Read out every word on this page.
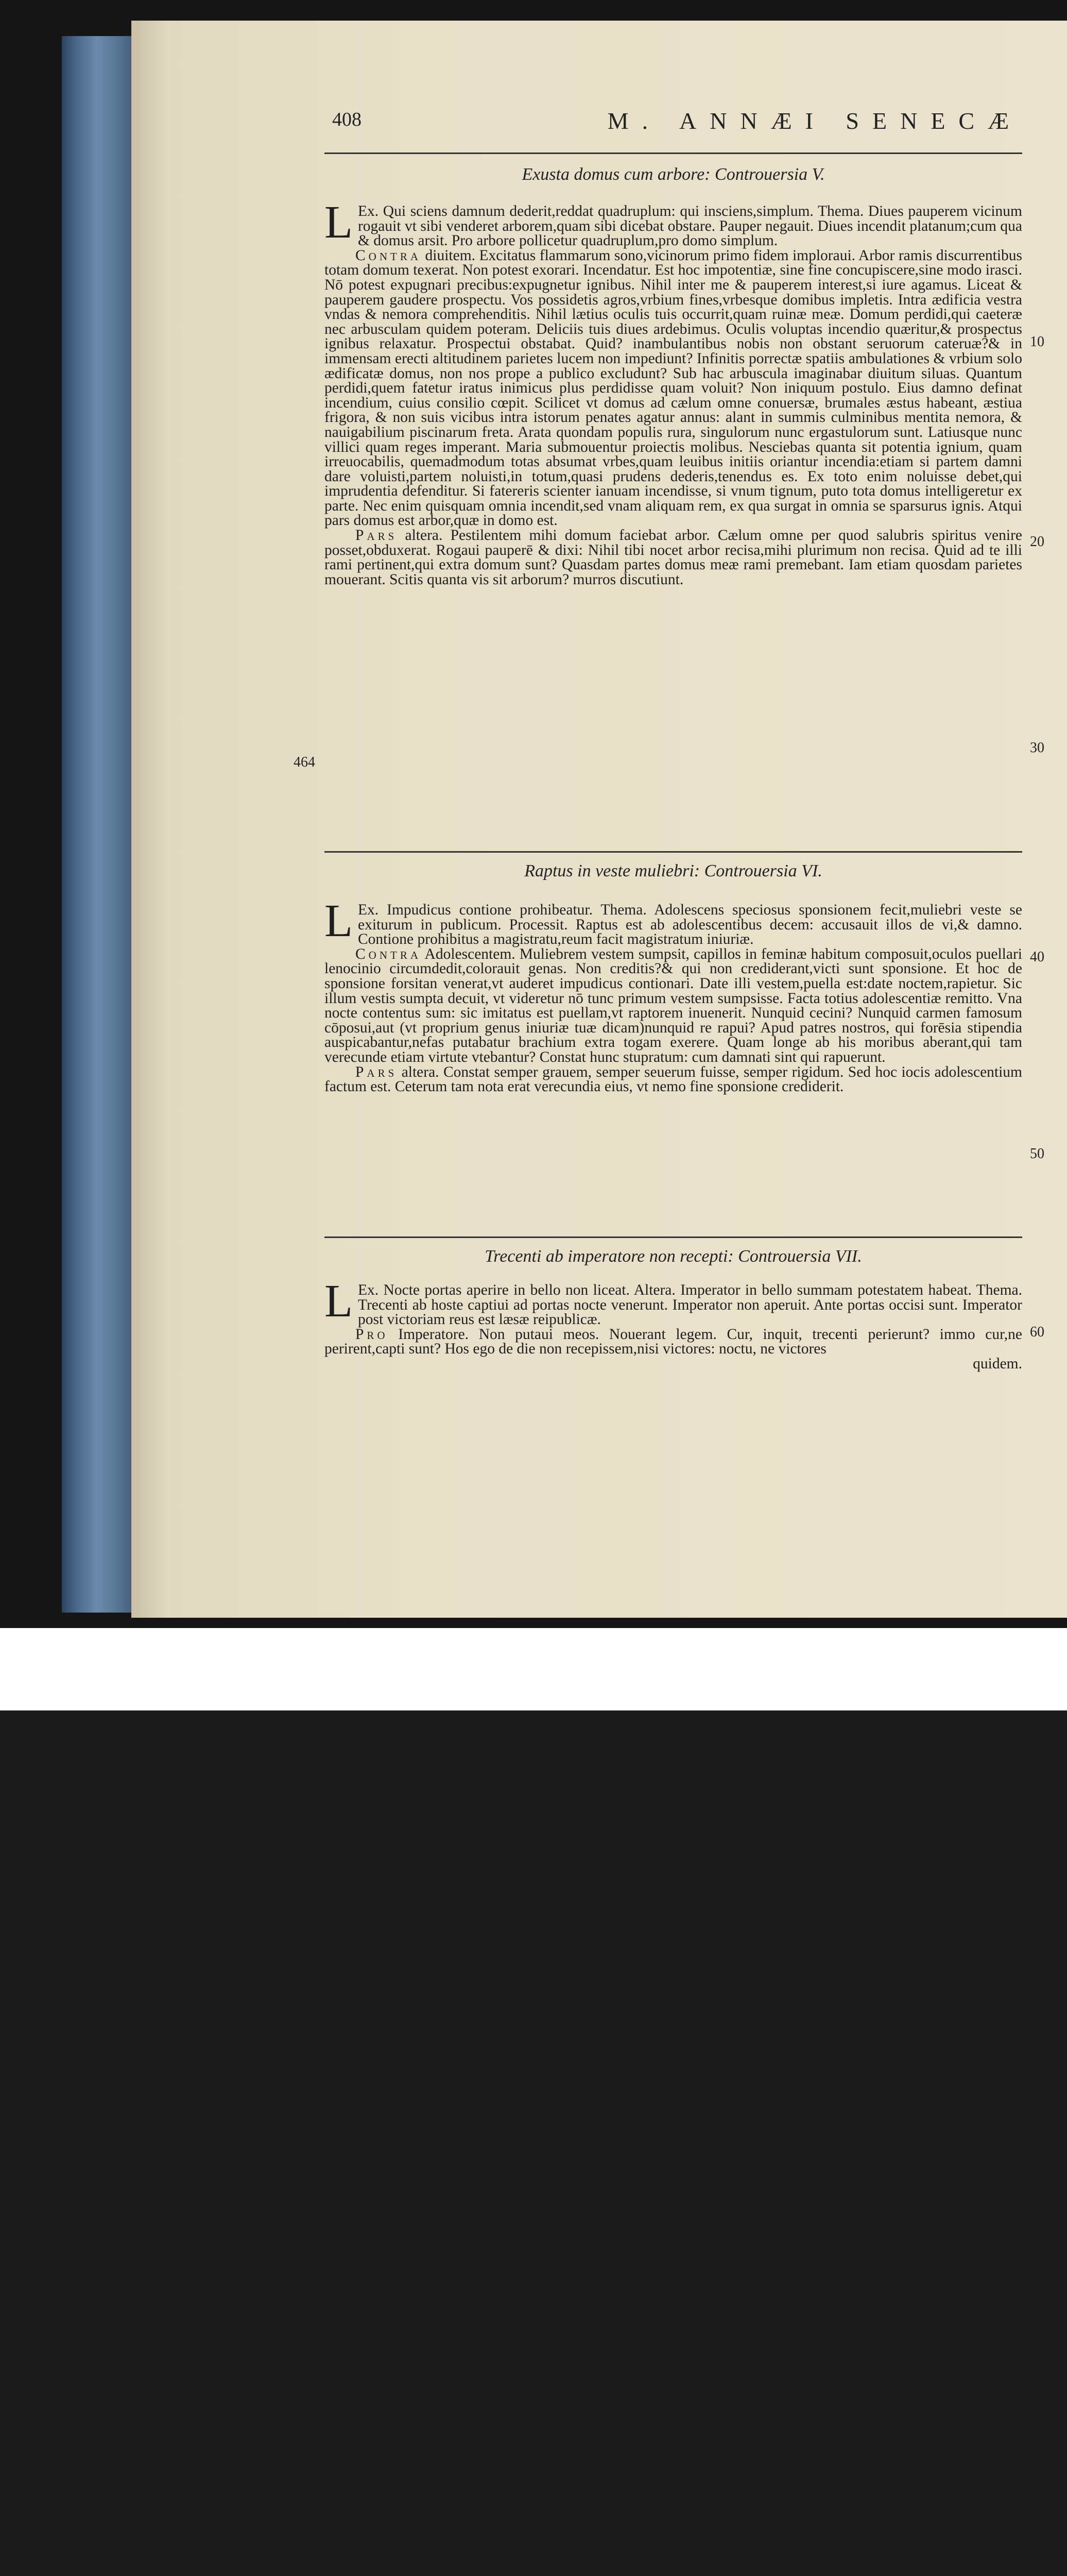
408	M. ANNÆI SENECÆ
Exusta domus cum arbore: Controuersia V.

L Ex. Qui sciens damnum dederit,reddat quadruplum: qui insciens,simplum. Thema. Diues pauperem vicinum rogauit vt sibi venderet arborem,quam sibi dicebat obstare. Pauper negauit. Diues incendit platanum;cum qua & domus arsit. Pro arbore pollicetur quadruplum,pro domo simplum.

Contra diuitem. Excitatus flammarum sono,vicinorum primo fidem imploraui. Arbor ramis discurrentibus totam domum texerat. Non potest exorari. Incendatur. Est hoc impotentiæ, sine fine concupiscere,sine modo irasci. Nō potest expugnari precibus:expugnetur ignibus. Nihil inter me & pauperem interest,si iure agamus. Liceat & pauperem gaudere prospectu. Vos possidetis agros,vrbium fines,vrbesque domibus impletis. Intra ædificia vestra vndas & nemora comprehenditis. Nihil lætius oculis tuis occurrit,quam ruinæ meæ. Domum perdidi,qui caeteræ nec arbusculam quidem poteram. Deliciis tuis diues ardebimus. Oculis voluptas incendio quæritur,& prospectus ignibus relaxatur. Prospectui obstabat. Quid? inambulantibus nobis non obstant seruorum cateruæ?& in immensam erecti altitudinem parietes lucem non impediunt? Infinitis porrectæ spatiis ambulationes & vrbium solo ædificatæ domus, non nos prope a publico excludunt? Sub hac arbuscula imaginabar diuitum siluas. Quantum perdidi,quem fatetur iratus inimicus plus perdidisse quam voluit? Non iniquum postulo. Eius damno definat incendium, cuius consilio cœpit. Scilicet vt domus ad cælum omne conuersæ, brumales æstus habeant, æstiua frigora, & non suis vicibus intra istorum penates agatur annus: alant in summis culminibus mentita nemora, & nauigabilium piscinarum freta. Arata quondam populis rura, singulorum nunc ergastulorum sunt. Latiusque nunc villici quam reges imperant. Maria submouentur proiectis molibus. Nesciebas quanta sit potentia ignium, quam irreuocabilis, quemadmodum totas absumat vrbes,quam leuibus initiis oriantur incendia:etiam si partem damni dare voluisti,partem noluisti,in totum,quasi prudens dederis,tenendus es. Ex toto enim noluisse debet,qui imprudentia defenditur. Si fatereris scienter ianuam incendisse, si vnum tignum, puto tota domus intelligeretur ex parte. Nec enim quisquam omnia incendit,sed vnam aliquam rem, ex qua surgat in omnia se sparsurus ignis. Atqui pars domus est arbor,quæ in domo est.

Pars altera. Pestilentem mihi domum faciebat arbor. Cælum omne per quod salubris spiritus venire posset,obduxerat. Rogaui pauperē & dixi: Nihil tibi nocet arbor recisa,mihi plurimum non recisa. Quid ad te illi rami pertinent,qui extra domum sunt? Quasdam partes domus meæ rami premebant. Iam etiam quosdam parietes mouerant. Scitis quanta vis sit arborum? murros discutiunt.

Raptus in veste muliebri: Controuersia VI.

L Ex. Impudicus contione prohibeatur. Thema. Adolescens speciosus sponsionem fecit,muliebri veste se exiturum in publicum. Processit. Raptus est ab adolescentibus decem: accusauit illos de vi,& damno. Contione prohibitus a magistratu,reum facit magistratum iniuriæ.

Contra Adolescentem. Muliebrem vestem sumpsit, capillos in feminæ habitum composuit,oculos puellari lenocinio circumdedit,colorauit genas. Non creditis?& qui non crediderant,victi sunt sponsione. Et hoc de sponsione forsitan venerat,vt auderet impudicus contionari. Date illi vestem,puella est:date noctem,rapietur. Sic illum vestis sumpta decuit, vt videretur nō tunc primum vestem sumpsisse. Facta totius adolescentiæ remitto. Vna nocte contentus sum: sic imitatus est puellam,vt raptorem inuenerit. Nunquid cecini? Nunquid carmen famosum cōposui,aut (vt proprium genus iniuriæ tuæ dicam)nunquid re rapui? Apud patres nostros, qui forēsia stipendia auspicabantur,nefas putabatur brachium extra togam exerere. Quam longe ab his moribus aberant,qui tam verecunde etiam virtute vtebantur? Constat hunc stupratum: cum damnati sint qui rapuerunt.

Pars altera. Constat semper grauem, semper seuerum fuisse, semper rigidum. Sed hoc iocis adolescentium factum est. Ceterum tam nota erat verecundia eius, vt nemo fine sponsione crediderit.

Trecenti ab imperatore non recepti: Controuersia VII.

L Ex. Nocte portas aperire in bello non liceat. Altera. Imperator in bello summam potestatem habeat. Thema. Trecenti ab hoste captiui ad portas nocte venerunt. Imperator non aperuit. Ante portas occisi sunt. Imperator post victoriam reus est læsæ reipublicæ.

Pro Imperatore. Non putaui meos. Nouerant legem. Cur, inquit, trecenti perierunt? immo cur,ne perirent,capti sunt? Hos ego de die non recepissem,nisi victores: noctu, ne victores

quidem.

10
20
30
464
40
50
60
